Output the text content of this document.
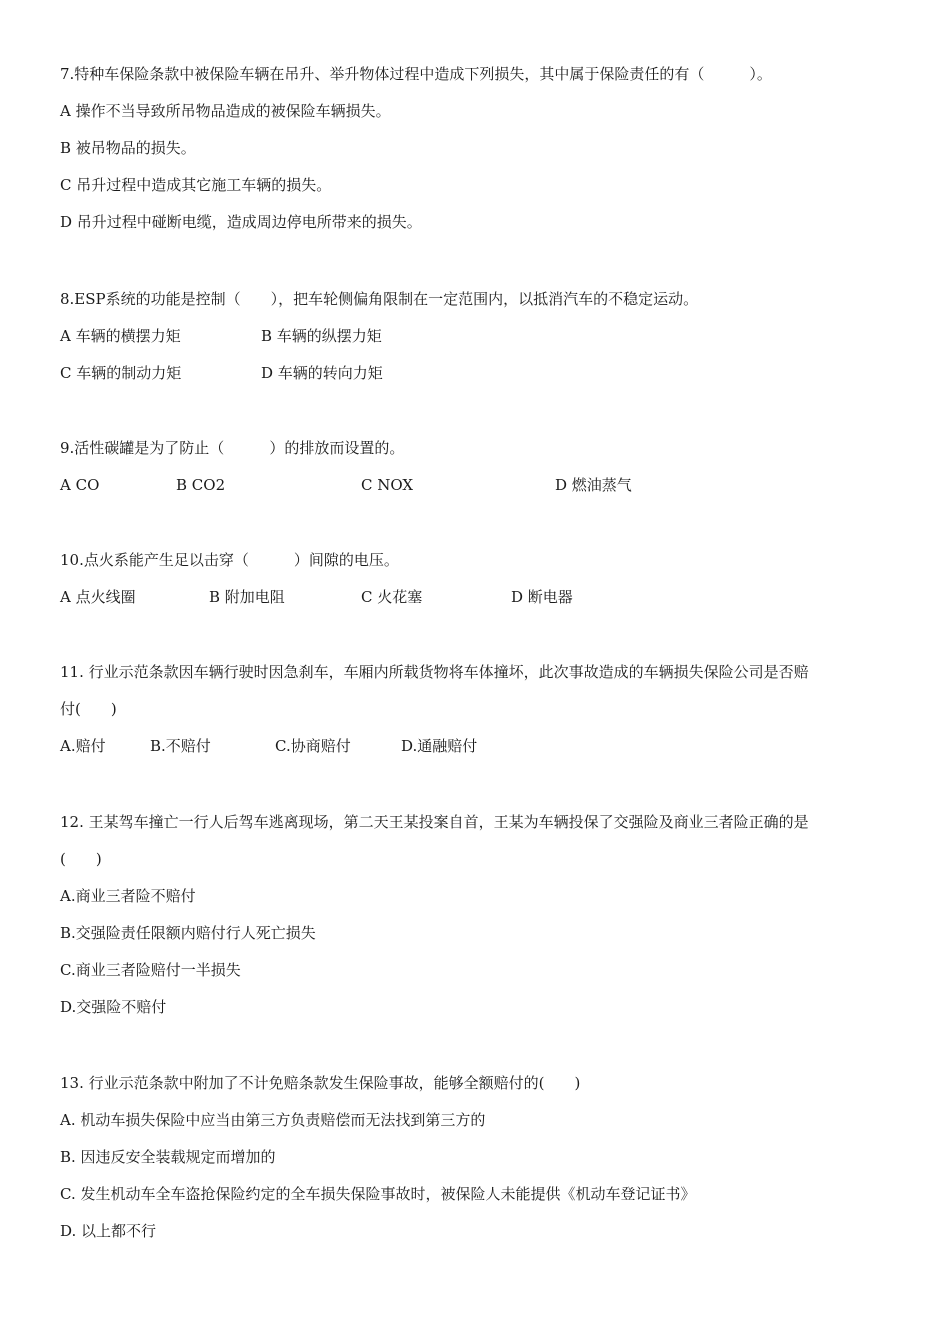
7.特种车保险条款中被保险车辆在吊升、举升物体过程中造成下列损失，其中属于保险责任的有（　　　）。
A 操作不当导致所吊物品造成的被保险车辆损失。
B 被吊物品的损失。
C 吊升过程中造成其它施工车辆的损失。
D 吊升过程中碰断电缆，造成周边停电所带来的损失。
8.ESP系统的功能是控制（　　），把车轮侧偏角限制在一定范围内，以抵消汽车的不稳定运动。
A 车辆的横摆力矩	B 车辆的纵摆力矩
C 车辆的制动力矩	D 车辆的转向力矩
9.活性碳罐是为了防止（　　　）的排放而设置的。
A CO	B CO2	C NOX	D 燃油蒸气
10.点火系能产生足以击穿（　　　）间隙的电压。
A 点火线圈	B 附加电阻	C 火花塞	D 断电器
11. 行业示范条款因车辆行驶时因急刹车，车厢内所载货物将车体撞坏，此次事故造成的车辆损失保险公司是否赔
付(　　)
A.赔付	B.不赔付	C.协商赔付	D.通融赔付
12. 王某驾车撞亡一行人后驾车逃离现场，第二天王某投案自首，王某为车辆投保了交强险及商业三者险正确的是
(　　)
A.商业三者险不赔付
B.交强险责任限额内赔付行人死亡损失
C.商业三者险赔付一半损失
D.交强险不赔付
13. 行业示范条款中附加了不计免赔条款发生保险事故，能够全额赔付的(　　)
A. 机动车损失保险中应当由第三方负责赔偿而无法找到第三方的
B. 因违反安全装载规定而增加的
C. 发生机动车全车盗抢保险约定的全车损失保险事故时，被保险人未能提供《机动车登记证书》
D. 以上都不行
